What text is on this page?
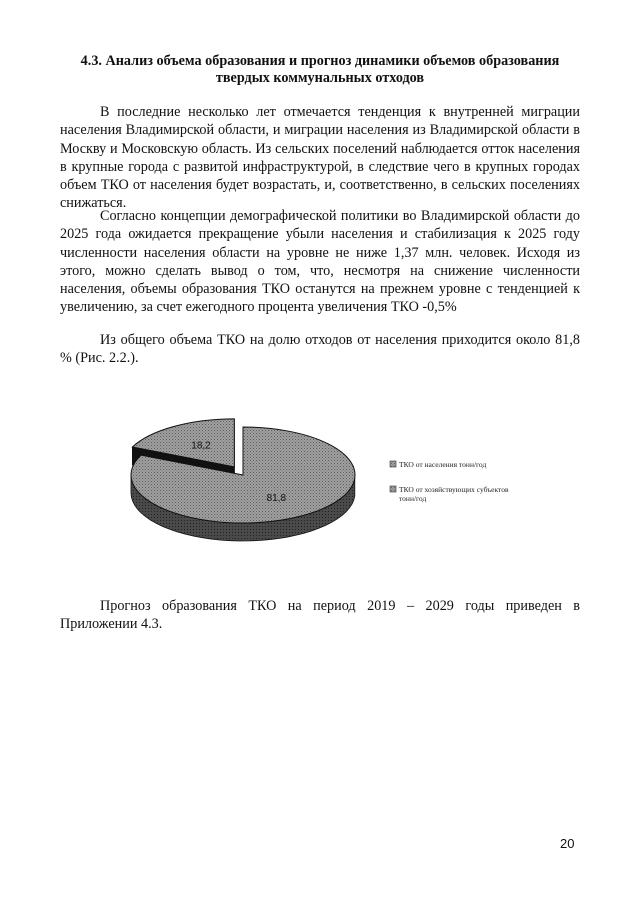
4.3. Анализ объема образования и прогноз динамики объемов образования твердых коммунальных отходов

В последние несколько лет отмечается тенденция к внутренней миграции населения Владимирской области, и миграции населения из Владимирской области в Москву и Московскую область. Из сельских поселений наблюдается отток населения в крупные города с развитой инфраструктурой, в следствие чего в крупных городах объем ТКО от населения будет возрастать, и, соответственно, в сельских поселениях снижаться.

Согласно концепции демографической политики во Владимирской области до 2025 года ожидается прекращение убыли населения и стабилизация к 2025 году численности населения области на уровне не ниже 1,37 млн. человек. Исходя из этого, можно сделать вывод о том, что, несмотря на снижение численности населения, объемы образования ТКО останутся на прежнем уровне с тенденцией к увеличению, за счет ежегодного процента увеличения ТКО -0,5%

Из общего объема ТКО на долю отходов от населения приходится около 81,8 % (Рис. 2.2.).

81,8
18,2
ТКО от населения тонн/год
ТКО от хозяйствующих субъектов тонн/год

Прогноз образования ТКО на период 2019 – 2029 годы приведен в Приложении 4.3.

20
